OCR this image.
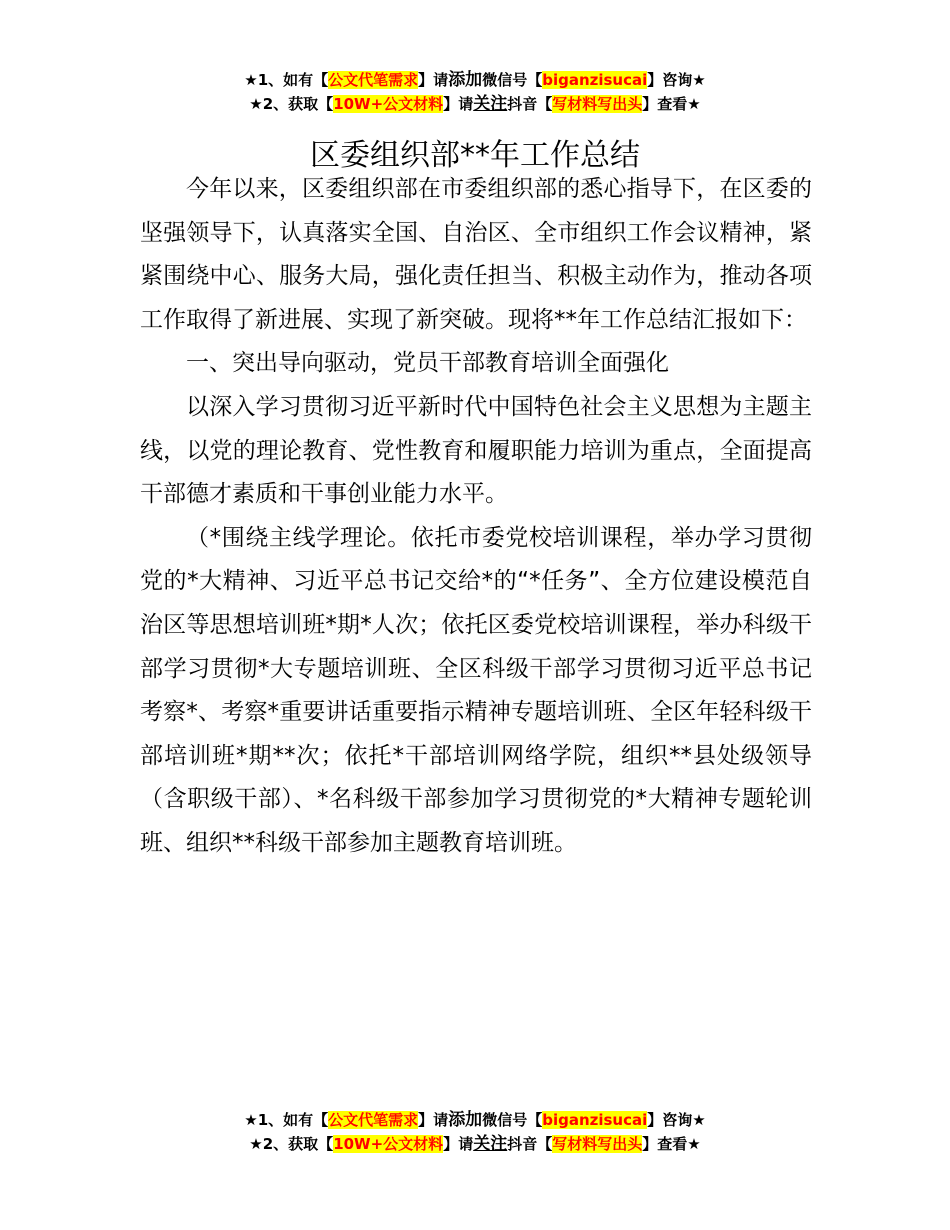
★1、如有【公文代笔需求】请添加微信号【biganzisucai】咨询★
★2、获取【10W+公文材料】请关注抖音【写材料写出头】查看★
区委组织部**年工作总结

今年以来，区委组织部在市委组织部的悉心指导下，在区委的坚强领导下，认真落实全国、自治区、全市组织工作会议精神，紧紧围绕中心、服务大局，强化责任担当、积极主动作为，推动各项工作取得了新进展、实现了新突破。现将**年工作总结汇报如下：

一、突出导向驱动，党员干部教育培训全面强化

以深入学习贯彻习近平新时代中国特色社会主义思想为主题主线，以党的理论教育、党性教育和履职能力培训为重点，全面提高干部德才素质和干事创业能力水平。

（*围绕主线学理论。依托市委党校培训课程，举办学习贯彻党的*大精神、习近平总书记交给*的“*任务”、全方位建设模范自治区等思想培训班*期*人次；依托区委党校培训课程，举办科级干部学习贯彻*大专题培训班、全区科级干部学习贯彻习近平总书记考察*、考察*重要讲话重要指示精神专题培训班、全区年轻科级干部培训班*期**次；依托*干部培训网络学院，组织**县处级领导（含职级干部）、*名科级干部参加学习贯彻党的*大精神专题轮训班、组织**科级干部参加主题教育培训班。

★1、如有【公文代笔需求】请添加微信号【biganzisucai】咨询★
★2、获取【10W+公文材料】请关注抖音【写材料写出头】查看★
